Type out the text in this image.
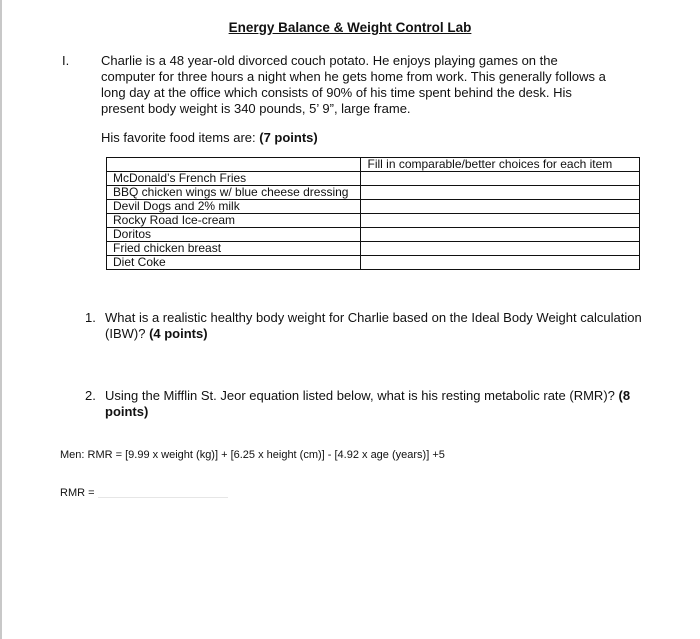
Energy Balance & Weight Control Lab
I. Charlie is a 48 year-old divorced couch potato. He enjoys playing games on the
computer for three hours a night when he gets home from work. This generally follows a
long day at the office which consists of 90% of his time spent behind the desk. His
present body weight is 340 pounds, 5’ 9”, large frame.
His favorite food items are: (7 points)
	Fill in comparable/better choices for each item
McDonald’s French Fries	
BBQ chicken wings w/ blue cheese dressing	
Devil Dogs and 2% milk	
Rocky Road Ice-cream	
Doritos	
Fried chicken breast	
Diet Coke	
1. What is a realistic healthy body weight for Charlie based on the Ideal Body Weight calculation (IBW)? (4 points)
2. Using the Mifflin St. Jeor equation listed below, what is his resting metabolic rate (RMR)? (8 points)
Men: RMR = [9.99 x weight (kg)] + [6.25 x height (cm)] - [4.92 x age (years)] +5
RMR =
